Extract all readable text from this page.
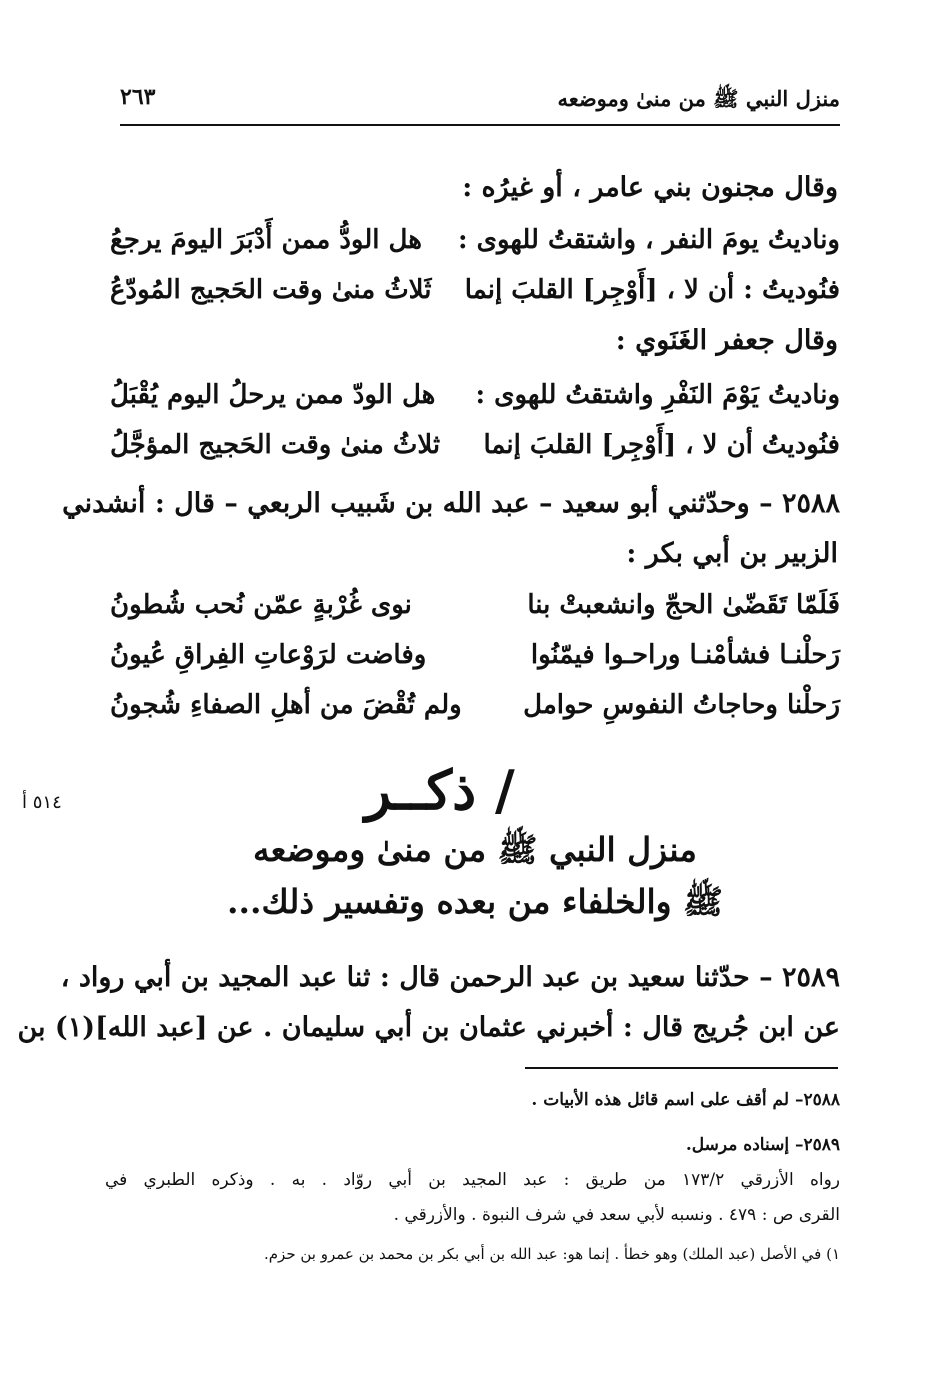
منزل النبي ﷺ من منىٰ وموضعه
٢٦٣
وقال مجنون بني عامر ، أو غيرُه :
وناديتُ يومَ النفر ، واشتقتُ للهوى :
هل الودُّ ممن أَدْبَرَ اليومَ يرجعُ
فنُوديتُ : أن لا ، [أَوْجِر] القلبَ إنما
ثَلاثُ منىٰ وقت الحَجيج المُودّعُ
وقال جعفر الغَنَوي :
وناديتُ يَوْمَ النَفْرِ واشتقتُ للهوى :
هل الودّ ممن يرحلُ اليوم يُقْبَلُ
فنُوديتُ أن لا ، [أَوْجِر] القلبَ إنما
ثلاثُ منىٰ وقت الحَجيج المؤجَّلُ
٢٥٨٨ – وحدّثني أبو سعيد – عبد الله بن شَبيب الربعي – قال : أنشدني
الزبير بن أبي بكر :
فَلَمّا تَقَضّىٰ الحجّ وانشعبتْ بنا
نوى غُرْبةٍ عمّن نُحب شُطونُ
رَحلْنـا فشأمْنـا وراحـوا فيمّنُوا
وفاضت لرَوْعاتِ الفِراقِ عُيونُ
رَحلْنا وحاجاتُ النفوسِ حوامل
ولم تُقْضَ من أهلِ الصفاءِ شُجونُ
٥١٤ أ	/ ذكــر
منزل النبي ﷺ من منىٰ وموضعه
ﷺ والخلفاء من بعده وتفسير ذلك...
٢٥٨٩ – حدّثنا سعيد بن عبد الرحمن قال : ثنا عبد المجيد بن أبي رواد ،
عن ابن جُريج قال : أخبرني عثمان بن أبي سليمان . عن [عبد الله](١) بن
٢٥٨٨– لم أقف على اسم قائل هذه الأبيات .
٢٥٨٩– إسناده مرسل.
رواه الأزرقي ١٧٣/٢ من طريق : عبد المجيد بن أبي روّاد . به . وذكره الطبري في
القرى ص : ٤٧٩ . ونسبه لأبي سعد في شرف النبوة . والأزرقي .
١) في الأصل (عبد الملك) وهو خطأ . إنما هو: عبد الله بن أبي بكر بن محمد بن عمرو بن حزم.
